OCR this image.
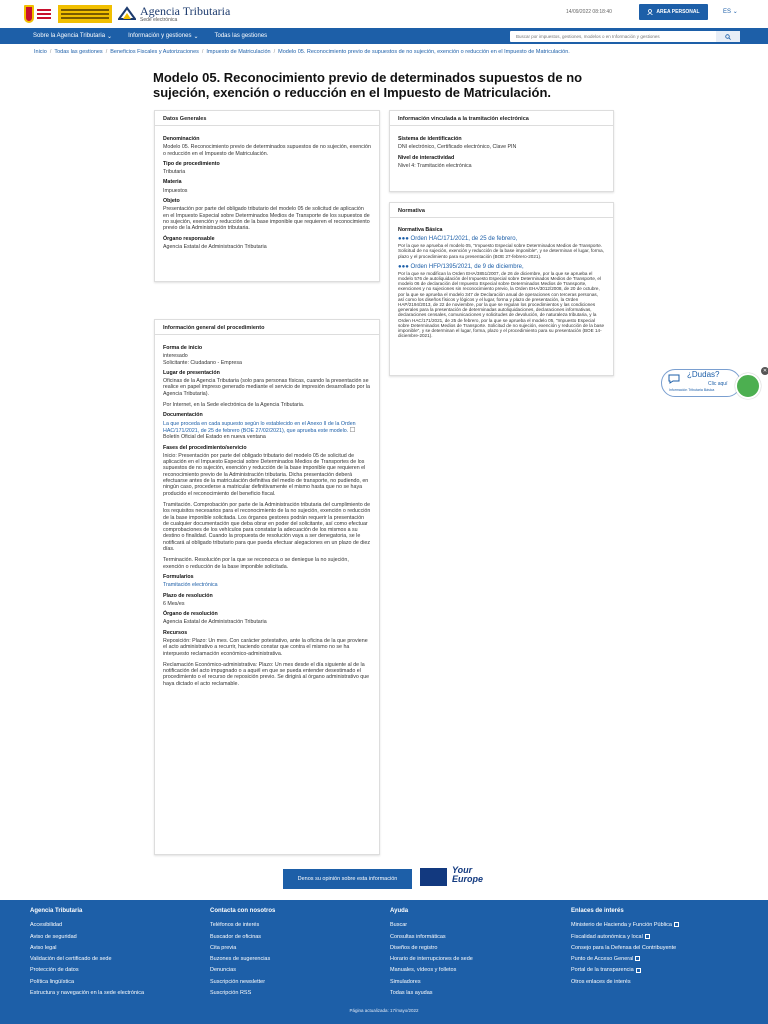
Agencia Tributaria
Sede electrónica
14/09/2022 08:18:40	AREA PERSONAL	ES ⌄
Sobre la Agencia Tributaria ⌄	Información y gestiones ⌄	Todas las gestiones
Buscar por impuestos, gestiones, modelos o en Información y gestiones
Inicio / Todas las gestiones / Beneficios Fiscales y Autorizaciones / Impuesto de Matriculación / Modelo 05. Reconocimiento previo de supuestos de no sujeción, exención o reducción en el Impuesto de Matriculación.
Modelo 05. Reconocimiento previo de determinados supuestos de no sujeción, exención o reducción en el Impuesto de Matriculación.
Datos Generales
Denominación
Modelo 05. Reconocimiento previo de determinados supuestos de no sujeción, exención o reducción en el Impuesto de Matriculación.
Tipo de procedimiento
Tributaria
Materia
Impuestos
Objeto
Presentación por parte del obligado tributario del modelo 05 de solicitud de aplicación en el Impuesto Especial sobre Determinados Medios de Transporte de los supuestos de no sujeción, exención y reducción de la base imponible que requieren el reconocimiento previo de la Administración tributaria.
Órgano responsable
Agencia Estatal de Administración Tributaria
Información general del procedimiento
Forma de inicio
interesado
Solicitante: Ciudadano - Empresa
Lugar de presentación
Oficinas de la Agencia Tributaria (solo para personas físicas, cuando la presentación se realice en papel impreso generado mediante el servicio de impresión desarrollado por la Agencia Tributaria).
Por Internet, en la Sede electrónica de la Agencia Tributaria.
Documentación
La que proceda en cada supuesto según lo establecido en el Anexo II de la Orden HAC/171/2021, de 25 de febrero (BOE 27/02/2021), que aprueba este modelo. Boletín Oficial del Estado en nueva ventana
Fases del procedimiento/servicio
Inicio: Presentación por parte del obligado tributario del modelo 05 de solicitud de aplicación en el Impuesto Especial sobre Determinados Medios de Transportes de los supuestos de no sujeción, exención y reducción de la base imponible que requieren el reconocimiento previo de la Administración tributaria. Dicha presentación deberá efectuarse antes de la matriculación definitiva del medio de transporte, no pudiendo, en ningún caso, procederse a matricular definitivamente el mismo hasta que no se haya producido el reconocimiento del beneficio fiscal.
Tramitación. Comprobación por parte de la Administración tributaria del cumplimiento de los requisitos necesarios para el reconocimiento de la no sujeción, exención o reducción de la base imponible solicitada. Los órganos gestores podrán requerir la presentación de cualquier documentación que deba obrar en poder del solicitante, así como efectuar comprobaciones de los vehículos para constatar la adecuación de los mismos a su destino o finalidad. Cuando la propuesta de resolución vaya a ser denegatoria, se le notificará al obligado tributario para que pueda efectuar alegaciones en un plazo de diez días.
Terminación. Resolución por la que se reconozca o se deniegue la no sujeción, exención o reducción de la base imponible solicitada.
Formularios
Tramitación electrónica
Plazo de resolución
6 Mes/es
Órgano de resolución
Agencia Estatal de Administración Tributaria
Recursos
Reposición: Plazo: Un mes. Con carácter potestativo, ante la oficina de la que proviene el acto administrativo a recurrir, haciendo constar que contra el mismo no se ha interpuesto reclamación económico-administrativa.
Reclamación Económico-administrativa: Plazo: Un mes desde el día siguiente al de la notificación del acto impugnado o a aquél en que se pueda entender desestimado el procedimiento o el recurso de reposición previo. Se dirigirá al órgano administrativo que haya dictado el acto reclamable.
Información vinculada a la tramitación electrónica
Sistema de identificación
DNI electrónico, Certificado electrónico, Clave PIN
Nivel de interactividad
Nivel 4: Tramitación electrónica
Normativa
Normativa Básica
●●● Orden HAC/171/2021, de 25 de febrero,
Por la que se aprueba el modelo 05, "Impuesto Especial sobre Determinados Medios de Transporte. Solicitud de no sujeción, exención y reducción de la base imponible", y se determinan el lugar, forma, plazo y el procedimiento para su presentación (BOE 27-febrero-2021).
●●● Orden HFP/1395/2021, de 9 de diciembre,
Por la que se modifican la Orden EHA/3851/2007, de 26 de diciembre, por la que se aprueba el modelo 576 de autoliquidación del Impuesto Especial sobre Determinados Medios de Transporte, el modelo 06 de declaración del Impuesto Especial sobre Determinados Medios de Transporte, exenciones y no sujeciones sin reconocimiento previo, la Orden EHA/3012/2008, de 20 de octubre, por la que se aprueba el modelo 347 de Declaración anual de operaciones con terceras personas, así como los diseños físicos y lógicos y el lugar, forma y plazo de presentación, la Orden HAP/2194/2013, de 22 de noviembre, por la que se regulan los procedimientos y las condiciones generales para la presentación de determinadas autoliquidaciones, declaraciones informativas, declaraciones censales, comunicaciones y solicitudes de devolución, de naturaleza tributaria, y la Orden HAC/171/2021, de 25 de febrero, por la que se aprueba el modelo 05, "Impuesto Especial sobre Determinados Medios de Transporte. Solicitud de no sujeción, exención y reducción de la base imponible", y se determinan el lugar, forma, plazo y el procedimiento para su presentación (BOE 14-diciembre-2021).
¿Dudas?
Clic aquí
Información Tributaria Básica
✕
Denos su opinión sobre esta información
Your
Europe
Agencia Tributaria
Accesibilidad
Aviso de seguridad
Aviso legal
Validación del certificado de sede
Protección de datos
Política lingüística
Estructura y navegación en la sede electrónica
Contacta con nosotros
Teléfonos de interés
Buscador de oficinas
Cita previa
Buzones de sugerencias
Denuncias
Suscripción newsletter
Suscripción RSS
Ayuda
Buscar
Consultas informáticas
Diseños de registro
Horario de interrupciones de sede
Manuales, vídeos y folletos
Simuladores
Todas las ayudas
Enlaces de interés
Ministerio de Hacienda y Función Pública
Fiscalidad autonómica y local
Consejo para la Defensa del Contribuyente
Punto de Acceso General
Portal de la transparencia
Otros enlaces de interés
Página actualizada: 17/mayo/2022
